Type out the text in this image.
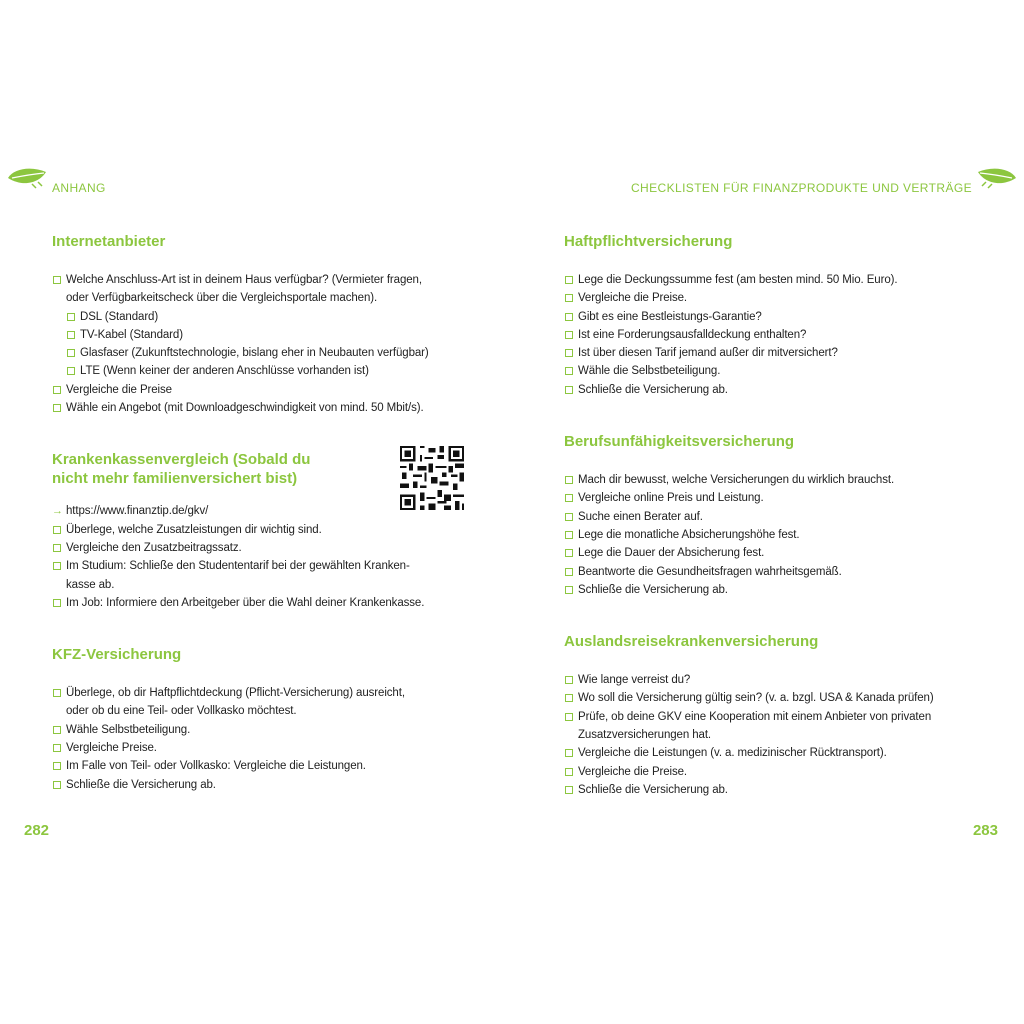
ANHANG
Internetanbieter
Welche Anschluss-Art ist in deinem Haus verfügbar? (Vermieter fragen,
oder Verfügbarkeitscheck über die Vergleichsportale machen).
DSL (Standard)
TV-Kabel (Standard)
Glasfaser (Zukunftstechnologie, bislang eher in Neubauten verfügbar)
LTE (Wenn keiner der anderen Anschlüsse vorhanden ist)
Vergleiche die Preise
Wähle ein Angebot (mit Downloadgeschwindigkeit von mind. 50 Mbit/s).
Krankenkassenvergleich (Sobald du
nicht mehr familienversichert bist)
→ https://www.finanztip.de/gkv/
Überlege, welche Zusatzleistungen dir wichtig sind.
Vergleiche den Zusatzbeitragssatz.
Im Studium: Schließe den Studententarif bei der gewählten Kranken-
kasse ab.
Im Job: Informiere den Arbeitgeber über die Wahl deiner Krankenkasse.
KFZ-Versicherung
Überlege, ob dir Haftpflichtdeckung (Pflicht-Versicherung) ausreicht,
oder ob du eine Teil- oder Vollkasko möchtest.
Wähle Selbstbeteiligung.
Vergleiche Preise.
Im Falle von Teil- oder Vollkasko: Vergleiche die Leistungen.
Schließe die Versicherung ab.
282
CHECKLISTEN FÜR FINANZPRODUKTE UND VERTRÄGE
Haftpflichtversicherung
Lege die Deckungssumme fest (am besten mind. 50 Mio. Euro).
Vergleiche die Preise.
Gibt es eine Bestleistungs-Garantie?
Ist eine Forderungsausfalldeckung enthalten?
Ist über diesen Tarif jemand außer dir mitversichert?
Wähle die Selbstbeteiligung.
Schließe die Versicherung ab.
Berufsunfähigkeitsversicherung
Mach dir bewusst, welche Versicherungen du wirklich brauchst.
Vergleiche online Preis und Leistung.
Suche einen Berater auf.
Lege die monatliche Absicherungshöhe fest.
Lege die Dauer der Absicherung fest.
Beantworte die Gesundheitsfragen wahrheitsgemäß.
Schließe die Versicherung ab.
Auslandsreisekrankenversicherung
Wie lange verreist du?
Wo soll die Versicherung gültig sein? (v. a. bzgl. USA & Kanada prüfen)
Prüfe, ob deine GKV eine Kooperation mit einem Anbieter von privaten
Zusatzversicherungen hat.
Vergleiche die Leistungen (v. a. medizinischer Rücktransport).
Vergleiche die Preise.
Schließe die Versicherung ab.
283
